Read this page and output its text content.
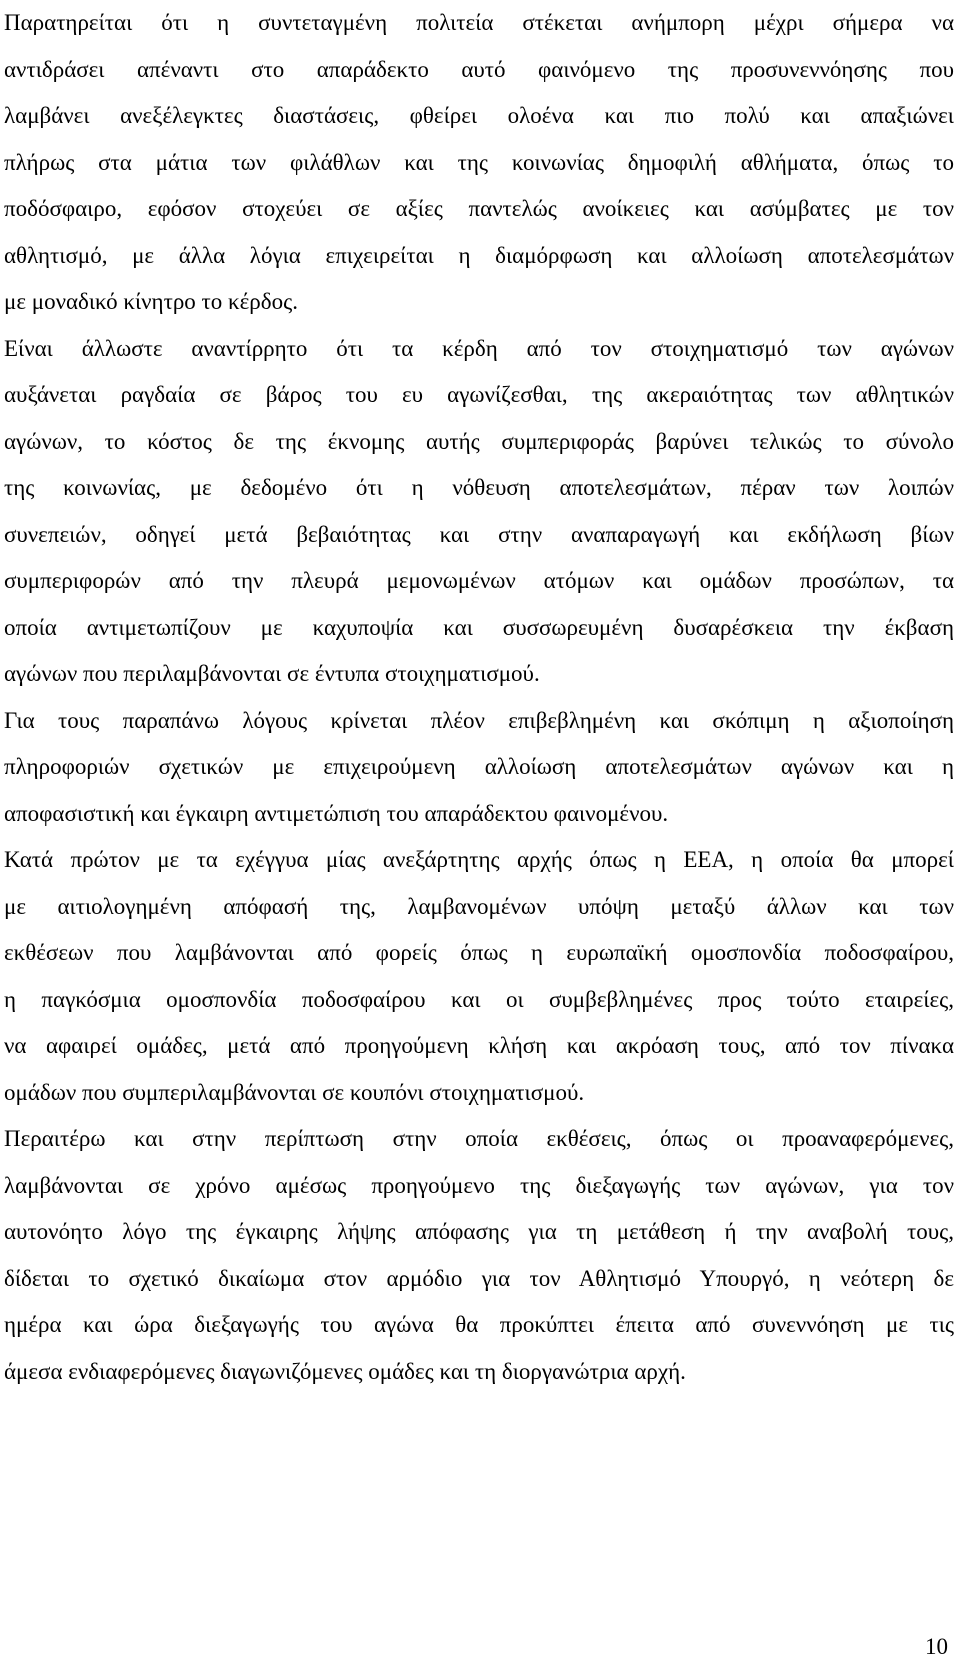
Παρατηρείται ότι η συντεταγμένη πολιτεία στέκεται ανήμπορη μέχρι σήμερα να
αντιδράσει απέναντι στο απαράδεκτο αυτό φαινόμενο της προσυνεννόησης που
λαμβάνει ανεξέλεγκτες διαστάσεις, φθείρει ολοένα και πιο πολύ και απαξιώνει
πλήρως στα μάτια των φιλάθλων και της κοινωνίας δημοφιλή αθλήματα, όπως το
ποδόσφαιρο, εφόσον στοχεύει σε αξίες παντελώς ανοίκειες και ασύμβατες με τον
αθλητισμό, με άλλα λόγια επιχειρείται η διαμόρφωση και αλλοίωση αποτελεσμάτων
με μοναδικό κίνητρο το κέρδος.
Είναι άλλωστε αναντίρρητο ότι τα κέρδη από τον στοιχηματισμό των αγώνων
αυξάνεται ραγδαία σε βάρος του ευ αγωνίζεσθαι, της ακεραιότητας των αθλητικών
αγώνων, το κόστος δε της έκνομης αυτής συμπεριφοράς βαρύνει τελικώς το σύνολο
της κοινωνίας, με δεδομένο ότι η νόθευση αποτελεσμάτων, πέραν των λοιπών
συνεπειών, οδηγεί μετά βεβαιότητας και στην αναπαραγωγή και εκδήλωση βίων
συμπεριφορών από την πλευρά μεμονωμένων ατόμων και ομάδων προσώπων, τα
οποία αντιμετωπίζουν με καχυποψία και συσσωρευμένη δυσαρέσκεια την έκβαση
αγώνων που περιλαμβάνονται σε έντυπα στοιχηματισμού.
Για τους παραπάνω λόγους κρίνεται πλέον επιβεβλημένη και σκόπιμη η αξιοποίηση
πληροφοριών σχετικών με επιχειρούμενη αλλοίωση αποτελεσμάτων αγώνων και η
αποφασιστική και έγκαιρη αντιμετώπιση του απαράδεκτου φαινομένου.
Κατά πρώτον με τα εχέγγυα μίας ανεξάρτητης αρχής όπως η ΕΕΑ, η οποία θα μπορεί
με αιτιολογημένη απόφασή της, λαμβανομένων υπόψη μεταξύ άλλων και των
εκθέσεων που λαμβάνονται από φορείς όπως η ευρωπαϊκή ομοσπονδία ποδοσφαίρου,
η παγκόσμια ομοσπονδία ποδοσφαίρου και οι συμβεβλημένες προς τούτο εταιρείες,
να αφαιρεί ομάδες, μετά από προηγούμενη κλήση και ακρόαση τους, από τον πίνακα
ομάδων που συμπεριλαμβάνονται σε κουπόνι στοιχηματισμού.
Περαιτέρω και στην περίπτωση στην οποία εκθέσεις, όπως οι προαναφερόμενες,
λαμβάνονται σε χρόνο αμέσως προηγούμενο της διεξαγωγής των αγώνων, για τον
αυτονόητο λόγο της έγκαιρης λήψης απόφασης για τη μετάθεση ή την αναβολή τους,
δίδεται το σχετικό δικαίωμα στον αρμόδιο για τον Αθλητισμό Υπουργό, η νεότερη δε
ημέρα και ώρα διεξαγωγής του αγώνα θα προκύπτει έπειτα από συνεννόηση με τις
άμεσα ενδιαφερόμενες διαγωνιζόμενες ομάδες και τη διοργανώτρια αρχή.
10
